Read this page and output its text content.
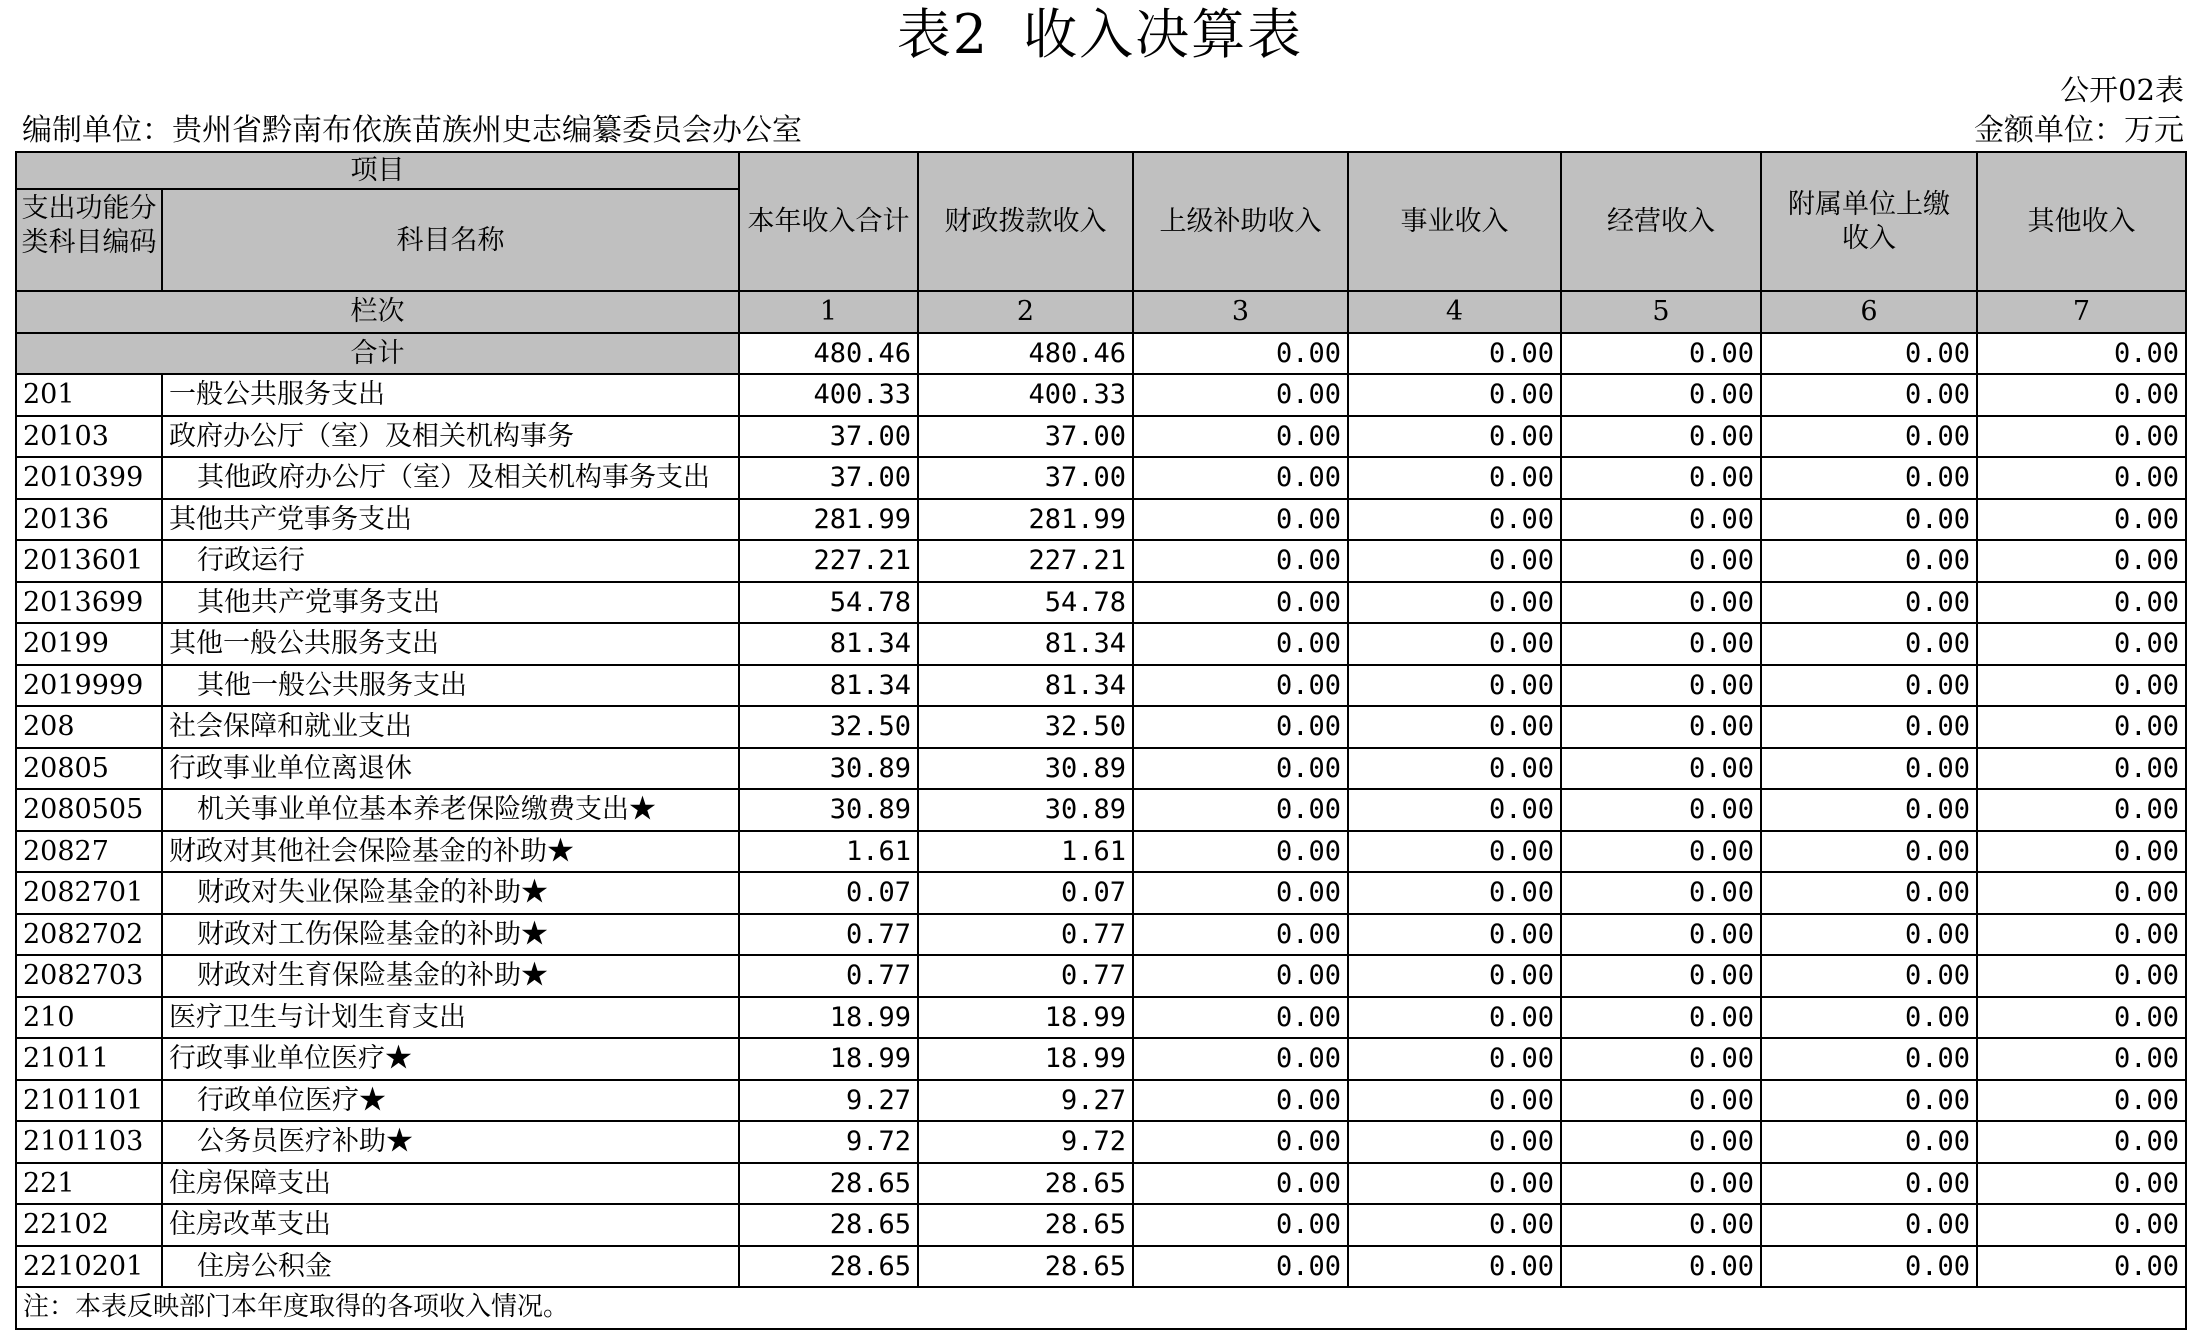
表2 收入决算表
公开02表
编制单位：贵州省黔南布依族苗族州史志编纂委员会办公室	金额单位：万元
项目		本年收入合计	财政拨款收入	上级补助收入	事业收入	经营收入	附属单位上缴收入	其他收入
支出功能分类科目编码	科目名称							
栏次		1	2	3	4	5	6	7
合计		480.46	480.46	0.00	0.00	0.00	0.00	0.00
201	一般公共服务支出	400.33	400.33	0.00	0.00	0.00	0.00	0.00
20103	政府办公厅（室）及相关机构事务	37.00	37.00	0.00	0.00	0.00	0.00	0.00
2010399	其他政府办公厅（室）及相关机构事务支出	37.00	37.00	0.00	0.00	0.00	0.00	0.00
20136	其他共产党事务支出	281.99	281.99	0.00	0.00	0.00	0.00	0.00
2013601	行政运行	227.21	227.21	0.00	0.00	0.00	0.00	0.00
2013699	其他共产党事务支出	54.78	54.78	0.00	0.00	0.00	0.00	0.00
20199	其他一般公共服务支出	81.34	81.34	0.00	0.00	0.00	0.00	0.00
2019999	其他一般公共服务支出	81.34	81.34	0.00	0.00	0.00	0.00	0.00
208	社会保障和就业支出	32.50	32.50	0.00	0.00	0.00	0.00	0.00
20805	行政事业单位离退休	30.89	30.89	0.00	0.00	0.00	0.00	0.00
2080505	机关事业单位基本养老保险缴费支出★	30.89	30.89	0.00	0.00	0.00	0.00	0.00
20827	财政对其他社会保险基金的补助★	1.61	1.61	0.00	0.00	0.00	0.00	0.00
2082701	财政对失业保险基金的补助★	0.07	0.07	0.00	0.00	0.00	0.00	0.00
2082702	财政对工伤保险基金的补助★	0.77	0.77	0.00	0.00	0.00	0.00	0.00
2082703	财政对生育保险基金的补助★	0.77	0.77	0.00	0.00	0.00	0.00	0.00
210	医疗卫生与计划生育支出	18.99	18.99	0.00	0.00	0.00	0.00	0.00
21011	行政事业单位医疗★	18.99	18.99	0.00	0.00	0.00	0.00	0.00
2101101	行政单位医疗★	9.27	9.27	0.00	0.00	0.00	0.00	0.00
2101103	公务员医疗补助★	9.72	9.72	0.00	0.00	0.00	0.00	0.00
221	住房保障支出	28.65	28.65	0.00	0.00	0.00	0.00	0.00
22102	住房改革支出	28.65	28.65	0.00	0.00	0.00	0.00	0.00
2210201	住房公积金	28.65	28.65	0.00	0.00	0.00	0.00	0.00
注：本表反映部门本年度取得的各项收入情况。								
